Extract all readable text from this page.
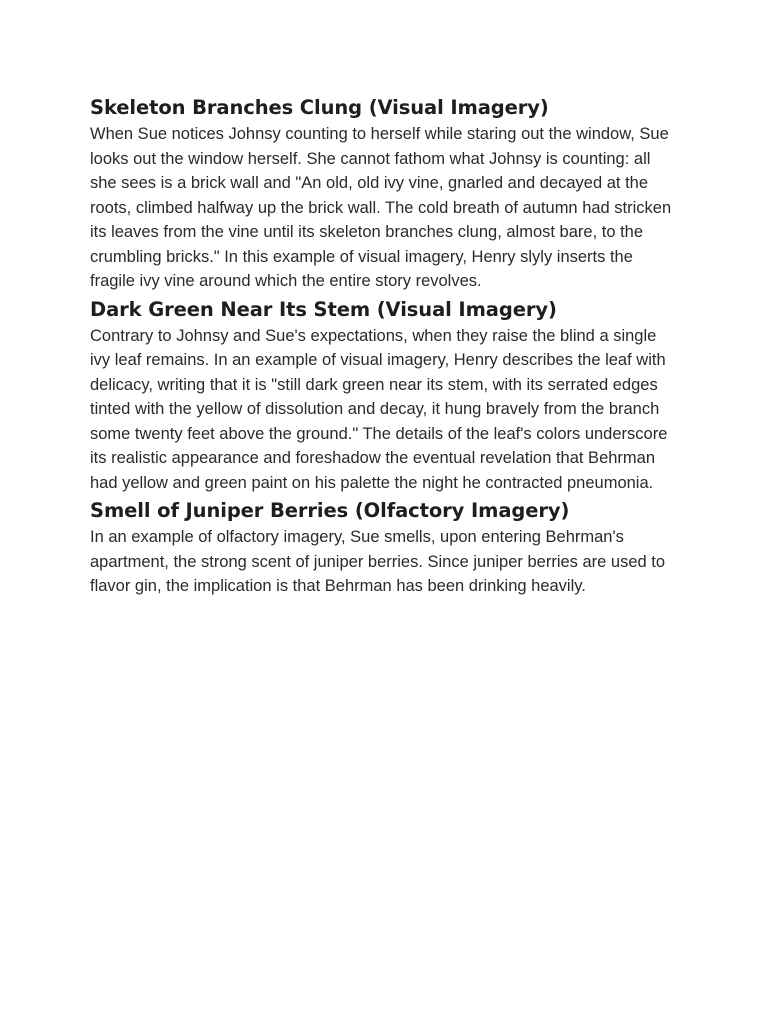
Skeleton Branches Clung (Visual Imagery)

When Sue notices Johnsy counting to herself while staring out the window, Sue looks out the window herself. She cannot fathom what Johnsy is counting: all she sees is a brick wall and "An old, old ivy vine, gnarled and decayed at the roots, climbed halfway up the brick wall. The cold breath of autumn had stricken its leaves from the vine until its skeleton branches clung, almost bare, to the crumbling bricks." In this example of visual imagery, Henry slyly inserts the fragile ivy vine around which the entire story revolves.

Dark Green Near Its Stem (Visual Imagery)

Contrary to Johnsy and Sue's expectations, when they raise the blind a single ivy leaf remains. In an example of visual imagery, Henry describes the leaf with delicacy, writing that it is "still dark green near its stem, with its serrated edges tinted with the yellow of dissolution and decay, it hung bravely from the branch some twenty feet above the ground." The details of the leaf's colors underscore its realistic appearance and foreshadow the eventual revelation that Behrman had yellow and green paint on his palette the night he contracted pneumonia.

Smell of Juniper Berries (Olfactory Imagery)

In an example of olfactory imagery, Sue smells, upon entering Behrman's apartment, the strong scent of juniper berries. Since juniper berries are used to flavor gin, the implication is that Behrman has been drinking heavily.
